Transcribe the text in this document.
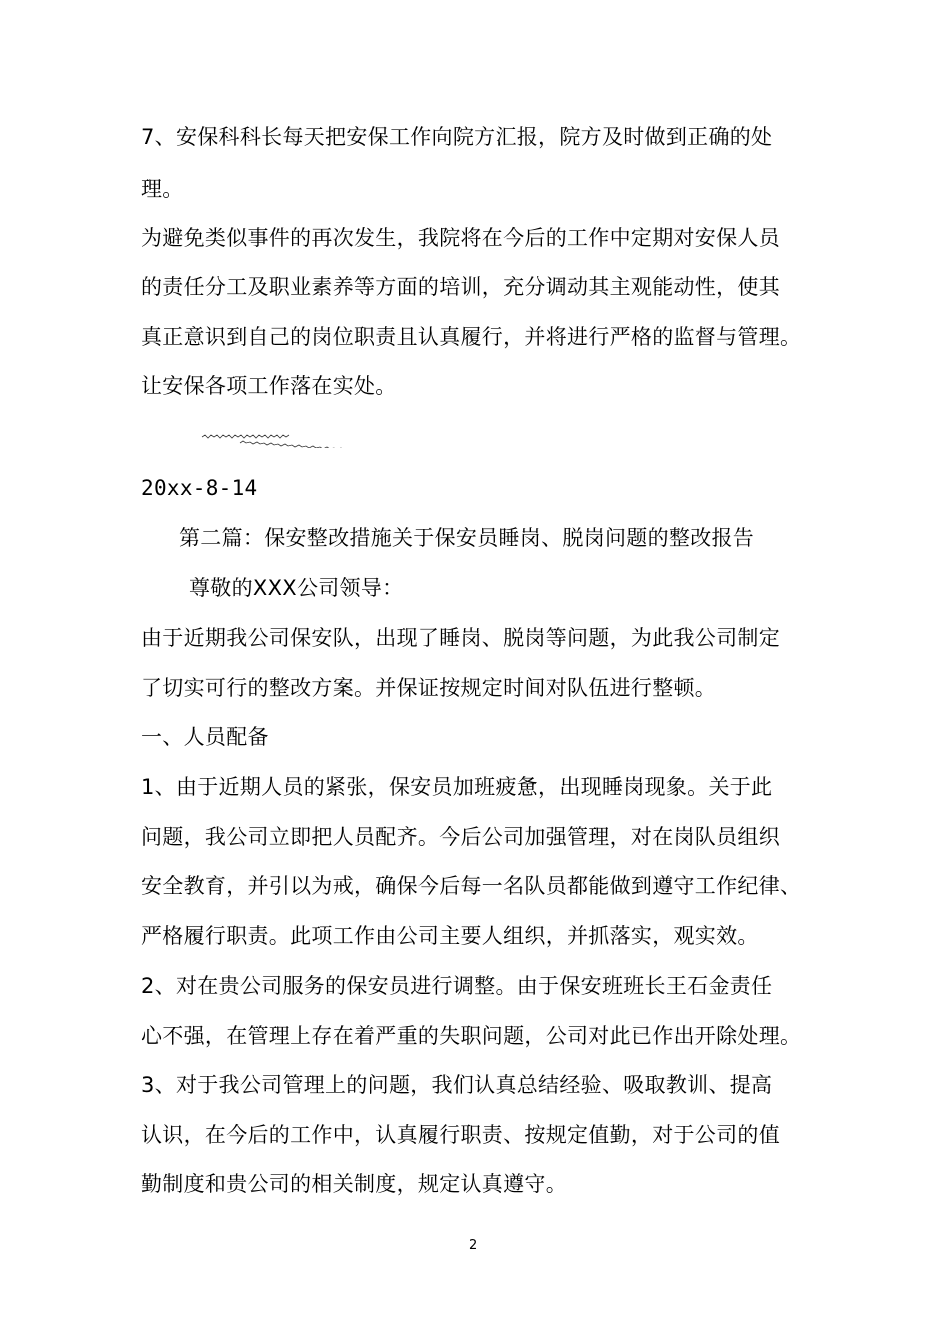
7、安保科科长每天把安保工作向院方汇报，院方及时做到正确的处
理。
为避免类似事件的再次发生，我院将在今后的工作中定期对安保人员
的责任分工及职业素养等方面的培训，充分调动其主观能动性，使其
真正意识到自己的岗位职责且认真履行，并将进行严格的监督与管理。
让安保各项工作落在实处。
20xx-8-14
第二篇：保安整改措施关于保安员睡岗、脱岗问题的整改报告
尊敬的XXX公司领导：
由于近期我公司保安队，出现了睡岗、脱岗等问题，为此我公司制定
了切实可行的整改方案。并保证按规定时间对队伍进行整顿。
一、人员配备
1、由于近期人员的紧张，保安员加班疲惫，出现睡岗现象。关于此
问题，我公司立即把人员配齐。今后公司加强管理，对在岗队员组织
安全教育，并引以为戒，确保今后每一名队员都能做到遵守工作纪律、
严格履行职责。此项工作由公司主要人组织，并抓落实，观实效。
2、对在贵公司服务的保安员进行调整。由于保安班班长王石金责任
心不强，在管理上存在着严重的失职问题，公司对此已作出开除处理。
3、对于我公司管理上的问题，我们认真总结经验、吸取教训、提高
认识，在今后的工作中，认真履行职责、按规定值勤，对于公司的值
勤制度和贵公司的相关制度，规定认真遵守。
2
